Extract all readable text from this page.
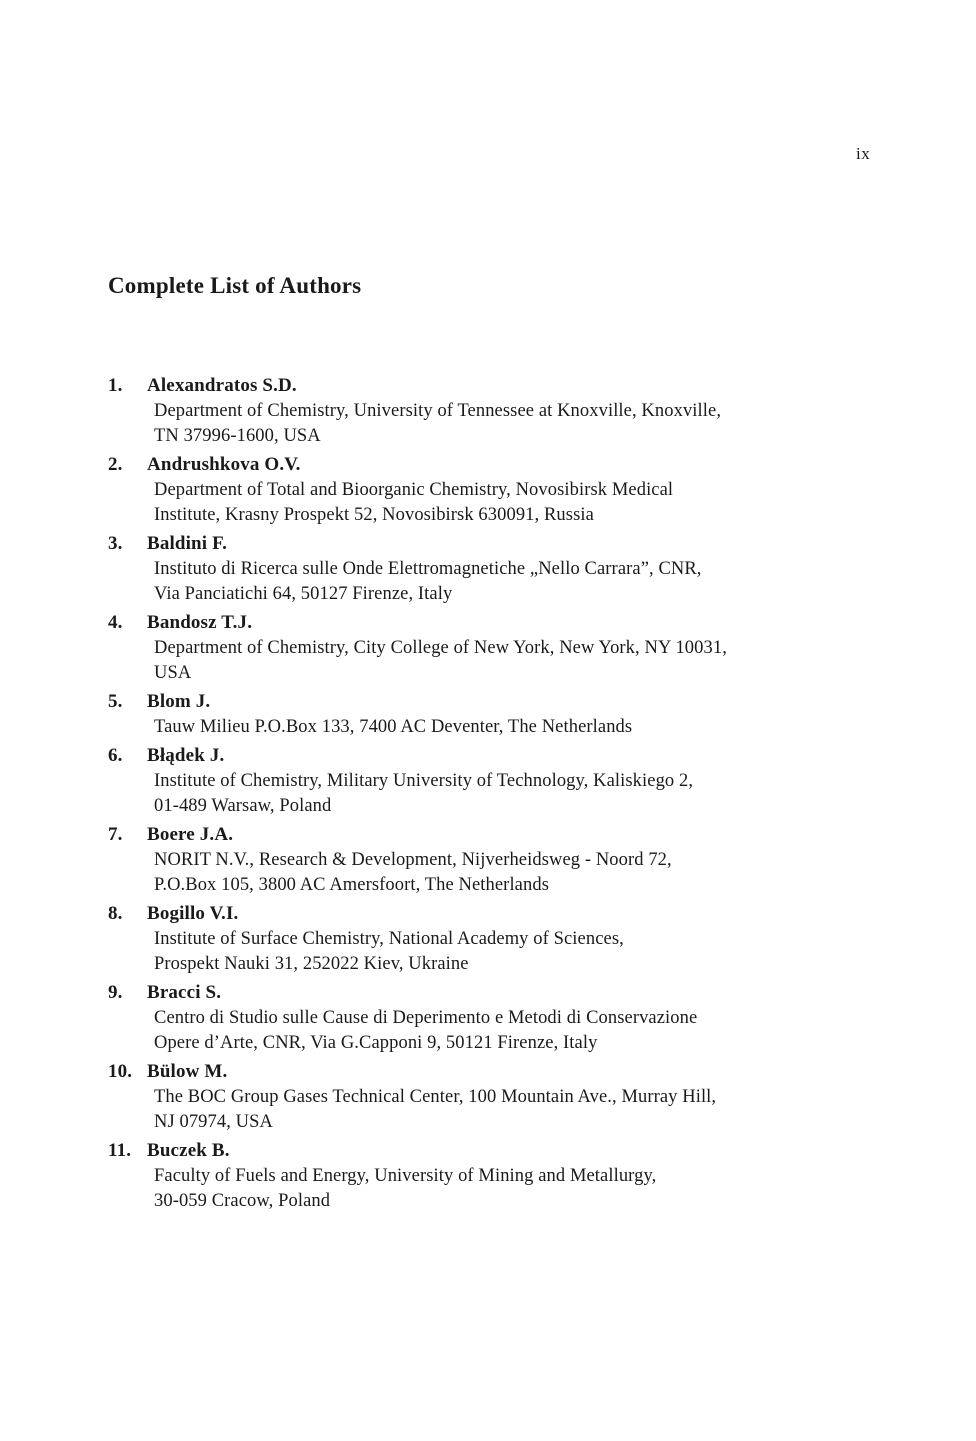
ix
Complete List of Authors
1.	Alexandratos S.D.
Department of Chemistry, University of Tennessee at Knoxville, Knoxville,
TN 37996-1600, USA
2.	Andrushkova O.V.
Department of Total and Bioorganic Chemistry, Novosibirsk Medical
Institute, Krasny Prospekt 52, Novosibirsk 630091, Russia
3.	Baldini F.
Instituto di Ricerca sulle Onde Elettromagnetiche „Nello Carrara”, CNR,
Via Panciatichi 64, 50127 Firenze, Italy
4.	Bandosz T.J.
Department of Chemistry, City College of New York, New York, NY 10031,
USA
5.	Blom J.
Tauw Milieu P.O.Box 133, 7400 AC Deventer, The Netherlands
6.	Błądek J.
Institute of Chemistry, Military University of Technology, Kaliskiego 2,
01-489 Warsaw, Poland
7.	Boere J.A.
NORIT N.V., Research & Development, Nijverheidsweg - Noord 72,
P.O.Box 105, 3800 AC Amersfoort, The Netherlands
8.	Bogillo V.I.
Institute of Surface Chemistry, National Academy of Sciences,
Prospekt Nauki 31, 252022 Kiev, Ukraine
9.	Bracci S.
Centro di Studio sulle Cause di Deperimento e Metodi di Conservazione
Opere d’Arte, CNR, Via G.Capponi 9, 50121 Firenze, Italy
10. Bülow M.
The BOC Group Gases Technical Center, 100 Mountain Ave., Murray Hill,
NJ 07974, USA
11. Buczek B.
Faculty of Fuels and Energy, University of Mining and Metallurgy,
30-059 Cracow, Poland
